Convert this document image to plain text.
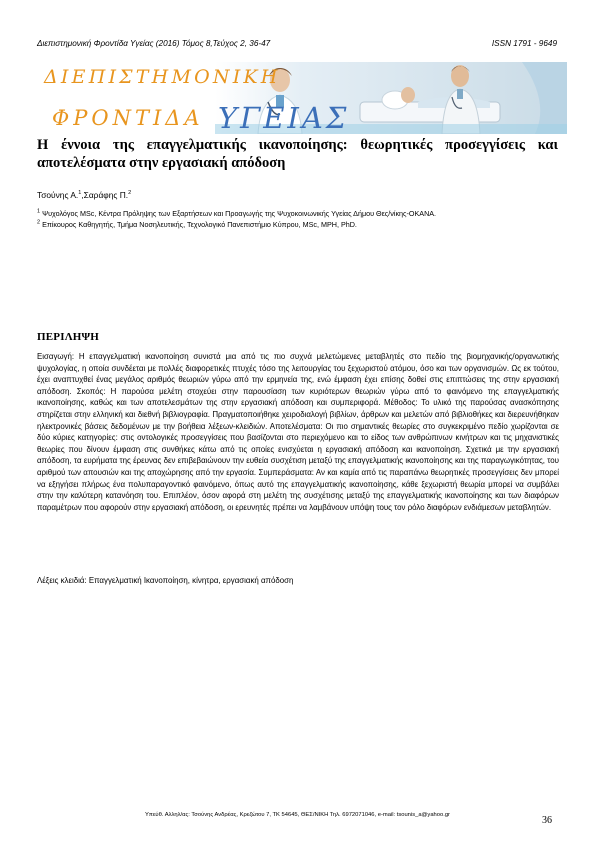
Διεπιστημονική Φροντίδα Υγείας (2016) Τόμος 8,Τεύχος 2, 36-47	ISSN 1791 - 9649
ΔΙΕΠΙΣΤΗΜΟΝΙΚΗ
ΦΡΟΝΤΙΔΑ ΥΓΕΙΑΣ
Η έννοια της επαγγελματικής ικανοποίησης: θεωρητικές προσεγγίσεις και αποτελέσματα στην εργασιακή απόδοση
Τσούνης Α.$^1$,Σαράφης Π.$^2$
$^1$ Ψυχολόγος MSc, Κέντρα Πρόληψης των Εξαρτήσεων και Προαγωγής της Ψυχοκοινωνικής Υγείας Δήμου Θες/νίκης-ΟΚΑΝΑ.
$^2$ Επίκουρος Καθηγητής, Τμήμα Νοσηλευτικής, Τεχνολογικό Πανεπιστήμιο Κύπρου, MSc, MPH, PhD.
ΠΕΡΙΛΗΨΗ
Εισαγωγή: Η επαγγελματική ικανοποίηση συνιστά μια από τις πιο συχνά μελετώμενες μεταβλητές στο πεδίο της βιομηχανικής/οργανωτικής ψυχολογίας, η οποία συνδέεται με πολλές διαφορετικές πτυχές τόσο της λειτουργίας του ξεχωριστού ατόμου, όσο και των οργανισμών. Ως εκ τούτου, έχει αναπτυχθεί ένας μεγάλος αριθμός θεωριών γύρω από την ερμηνεία της, ενώ έμφαση έχει επίσης δοθεί στις επιπτώσεις της στην εργασιακή απόδοση. Σκοπός: Η παρούσα μελέτη στοχεύει στην παρουσίαση των κυριότερων θεωριών γύρω από το φαινόμενο της επαγγελματικής ικανοποίησης, καθώς και των αποτελεσμάτων της στην εργασιακή απόδοση και συμπεριφορά. Μέθοδος: Το υλικό της παρούσας ανασκόπησης στηρίζεται στην ελληνική και διεθνή βιβλιογραφία. Πραγματοποιήθηκε χειροδιαλογή βιβλίων, άρθρων και μελετών από βιβλιοθήκες και διερευνήθηκαν ηλεκτρονικές βάσεις δεδομένων με την βοήθεια λέξεων-κλειδιών. Αποτελέσματα: Οι πιο σημαντικές θεωρίες στο συγκεκριμένο πεδίο χωρίζονται σε δύο κύριες κατηγορίες: στις οντολογικές προσεγγίσεις που βασίζονται στο περιεχόμενο και το είδος των ανθρώπινων κινήτρων και τις μηχανιστικές θεωρίες που δίνουν έμφαση στις συνθήκες κάτω από τις οποίες ενισχύεται η εργασιακή απόδοση και ικανοποίηση. Σχετικά με την εργασιακή απόδοση, τα ευρήματα της έρευνας δεν επιβεβαιώνουν την ευθεία συσχέτιση μεταξύ της επαγγελματικής ικανοποίησης και της παραγωγικότητας, του αριθμού των απουσιών και της αποχώρησης από την εργασία. Συμπεράσματα: Αν και καμία από τις παραπάνω θεωρητικές προσεγγίσεις δεν μπορεί να εξηγήσει πλήρως ένα πολυπαραγοντικό φαινόμενο, όπως αυτό της επαγγελματικής ικανοποίησης, κάθε ξεχωριστή θεωρία μπορεί να συμβάλει στην την καλύτερη κατανόηση του. Επιπλέον, όσον αφορά στη μελέτη της συσχέτισης μεταξύ της επαγγελματικής ικανοποίησης και των διαφόρων παραμέτρων που αφορούν στην εργασιακή απόδοση, οι ερευνητές πρέπει να λαμβάνουν υπόψη τους τον ρόλο διαφόρων ενδιάμεσων μεταβλητών.
Λέξεις κλειδιά: Επαγγελματική Ικανοποίηση, κίνητρα, εργασιακή απόδοση
Υπεύθ. Αλληλ/ας: Τσούνης Ανδρέας, Κρεζώτου 7, ΤΚ 54645, ΘΕΣ/ΝΙΚΗ Τηλ. 6972071046, e-mail: tsounis_a@yahoo.gr	36
